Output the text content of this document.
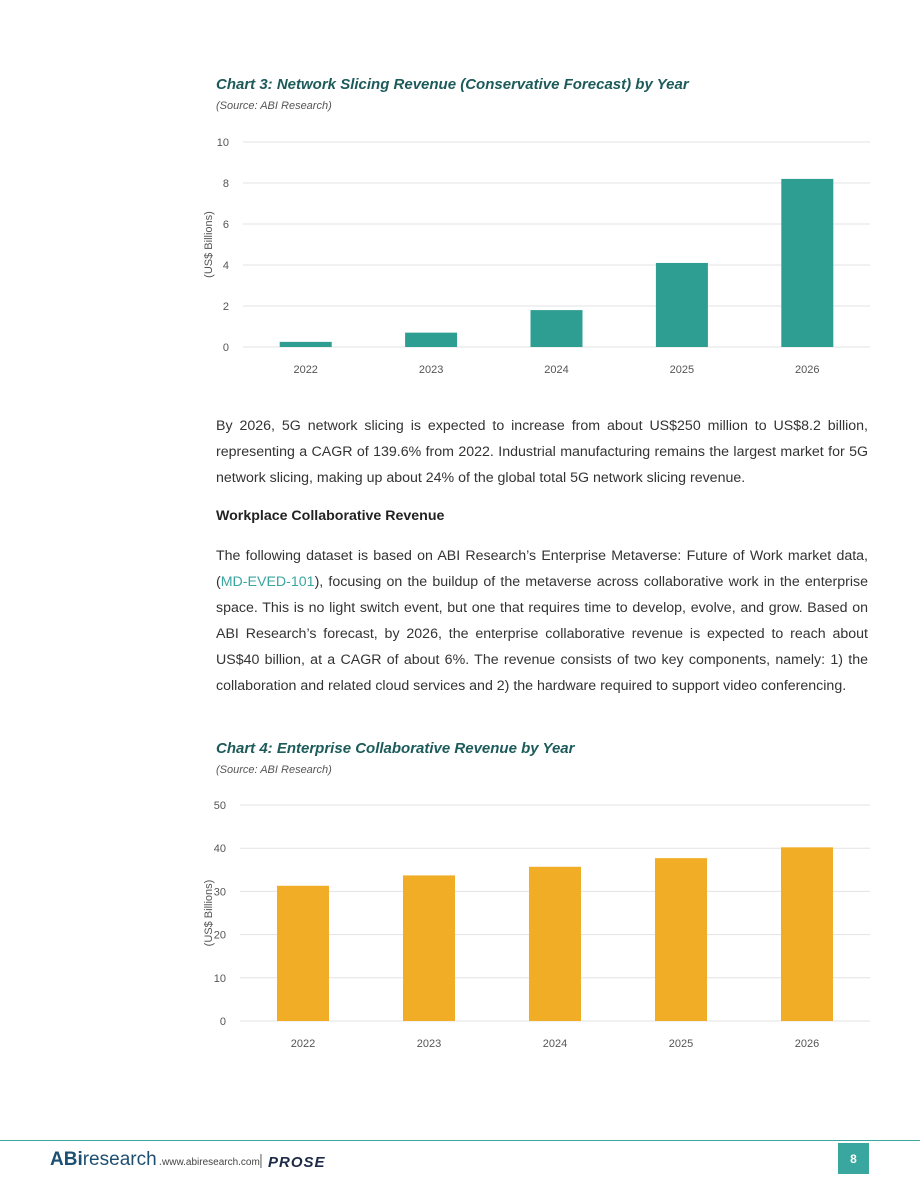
Chart 3: Network Slicing Revenue (Conservative Forecast) by Year
(Source: ABI Research)
0
2
4
6
8
10
(US$ Billions)
2022	2023	2024	2025	2026

By 2026, 5G network slicing is expected to increase from about US$250 million to US$8.2 billion, representing a CAGR of 139.6% from 2022. Industrial manufacturing remains the largest market for 5G network slicing, making up about 24% of the global total 5G network slicing revenue.

Workplace Collaborative Revenue

The following dataset is based on ABI Research’s Enterprise Metaverse: Future of Work market data, (MD-EVED-101), focusing on the buildup of the metaverse across collaborative work in the enterprise space. This is no light switch event, but one that requires time to develop, evolve, and grow. Based on ABI Research’s forecast, by 2026, the enterprise collaborative revenue is expected to reach about US$40 billion, at a CAGR of about 6%. The revenue consists of two key components, namely: 1) the collaboration and related cloud services and 2) the hardware required to support video conferencing.

Chart 4: Enterprise Collaborative Revenue by Year
(Source: ABI Research)
0
10
20
30
40
50
(US$ Billions)
2022	2023	2024	2025	2026
ABiresearch . www.abiresearch.com | PROSE	8
